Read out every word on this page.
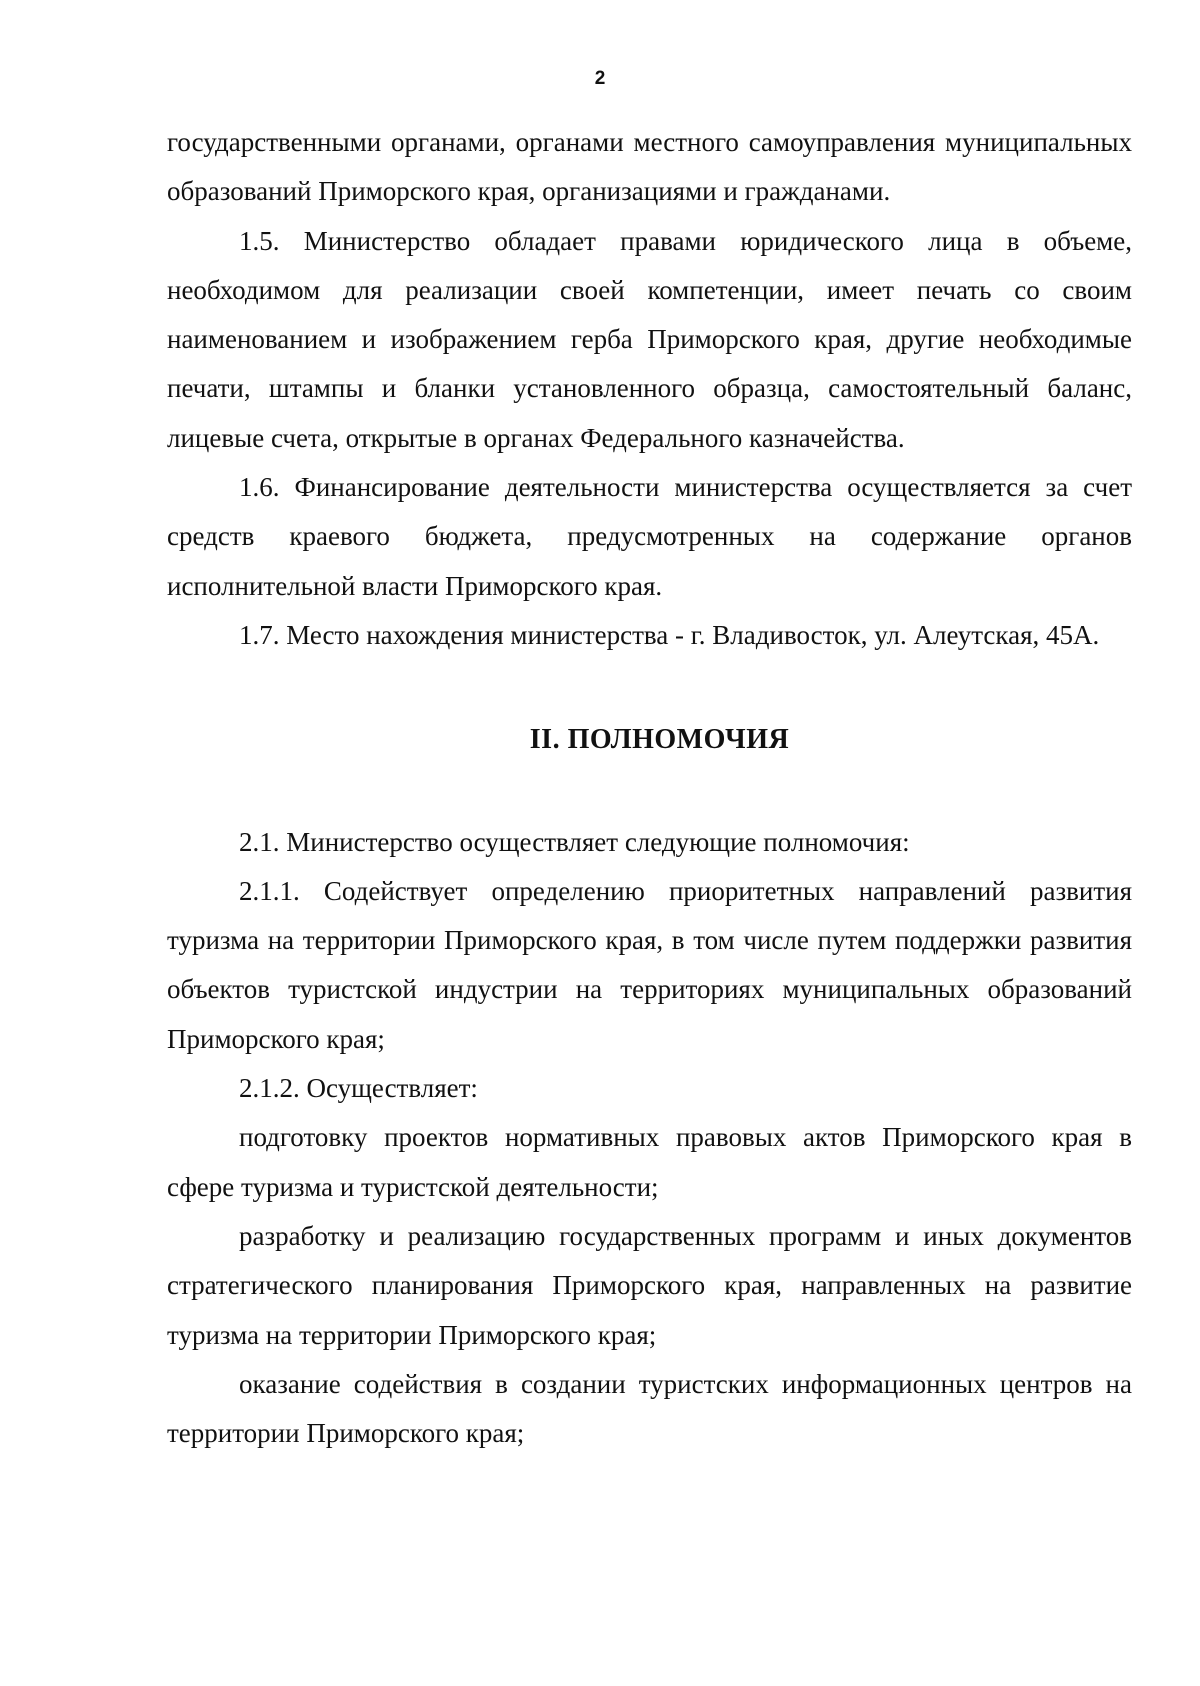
2

государственными органами, органами местного самоуправления муниципальных образований Приморского края, организациями и гражданами.

1.5. Министерство обладает правами юридического лица в объеме, необходимом для реализации своей компетенции, имеет печать со своим наименованием и изображением герба Приморского края, другие необходимые печати, штампы и бланки установленного образца, самостоятельный баланс, лицевые счета, открытые в органах Федерального казначейства.

1.6. Финансирование деятельности министерства осуществляется за счет средств краевого бюджета, предусмотренных на содержание органов исполнительной власти Приморского края.

1.7. Место нахождения министерства - г. Владивосток, ул. Алеутская, 45А.

II. ПОЛНОМОЧИЯ

2.1. Министерство осуществляет следующие полномочия:

2.1.1. Содействует определению приоритетных направлений развития туризма на территории Приморского края, в том числе путем поддержки развития объектов туристской индустрии на территориях муниципальных образований Приморского края;

2.1.2. Осуществляет:

подготовку проектов нормативных правовых актов Приморского края в сфере туризма и туристской деятельности;

разработку и реализацию государственных программ и иных документов стратегического планирования Приморского края, направленных на развитие туризма на территории Приморского края;

оказание содействия в создании туристских информационных центров на территории Приморского края;
